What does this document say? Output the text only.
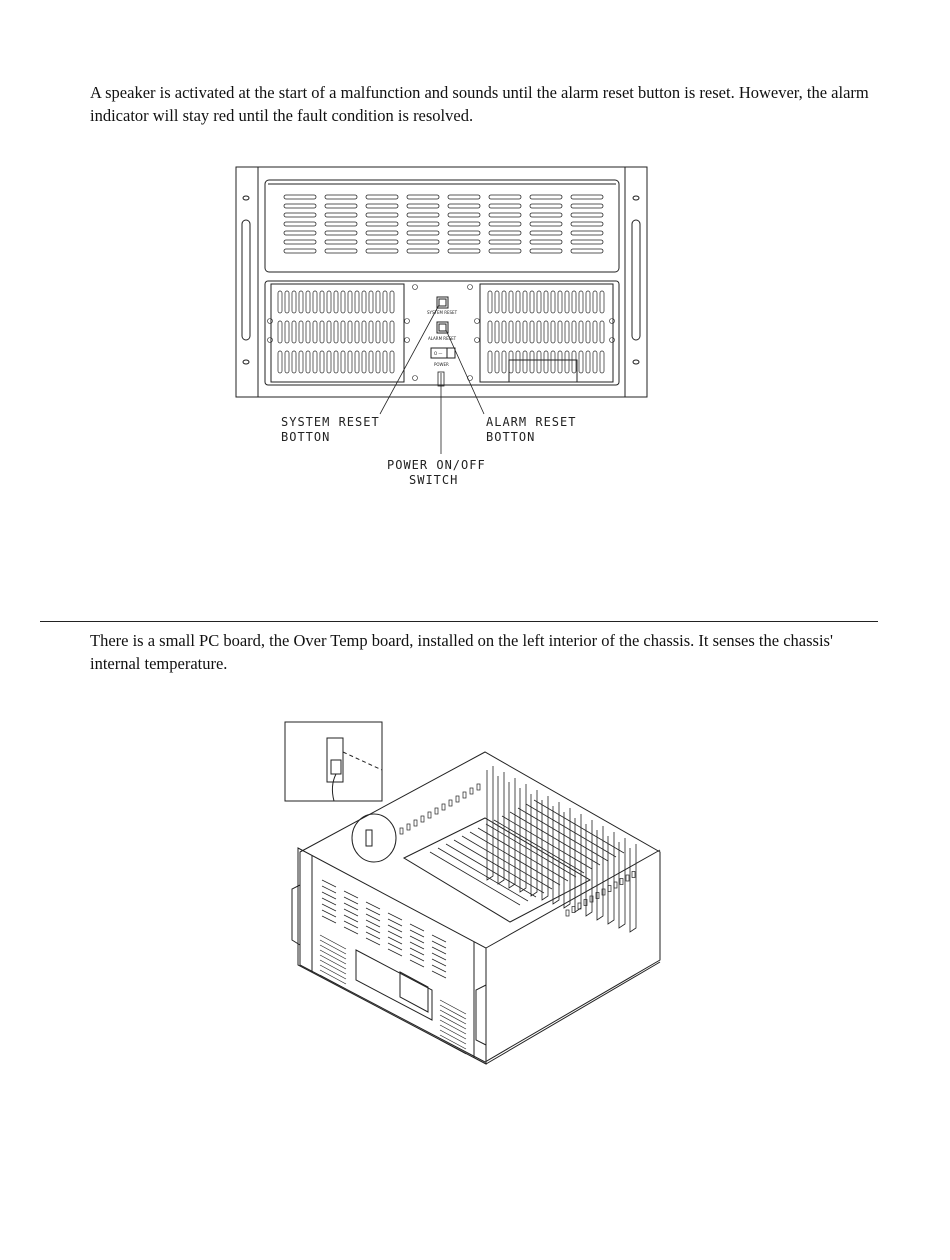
A speaker is activated at the start of a malfunction and sounds until the alarm reset button is reset. However, the alarm indicator will stay red until the fault condition is resolved.

SYSTEM RESET
ALARM RESET
O —
POWER
SYSTEM RESET
BOTTON
ALARM RESET
BOTTON
POWER ON/OFF
SWITCH

There is a small PC board, the Over Temp board, installed on the left interior of the chassis. It senses the chassis' internal temperature.
